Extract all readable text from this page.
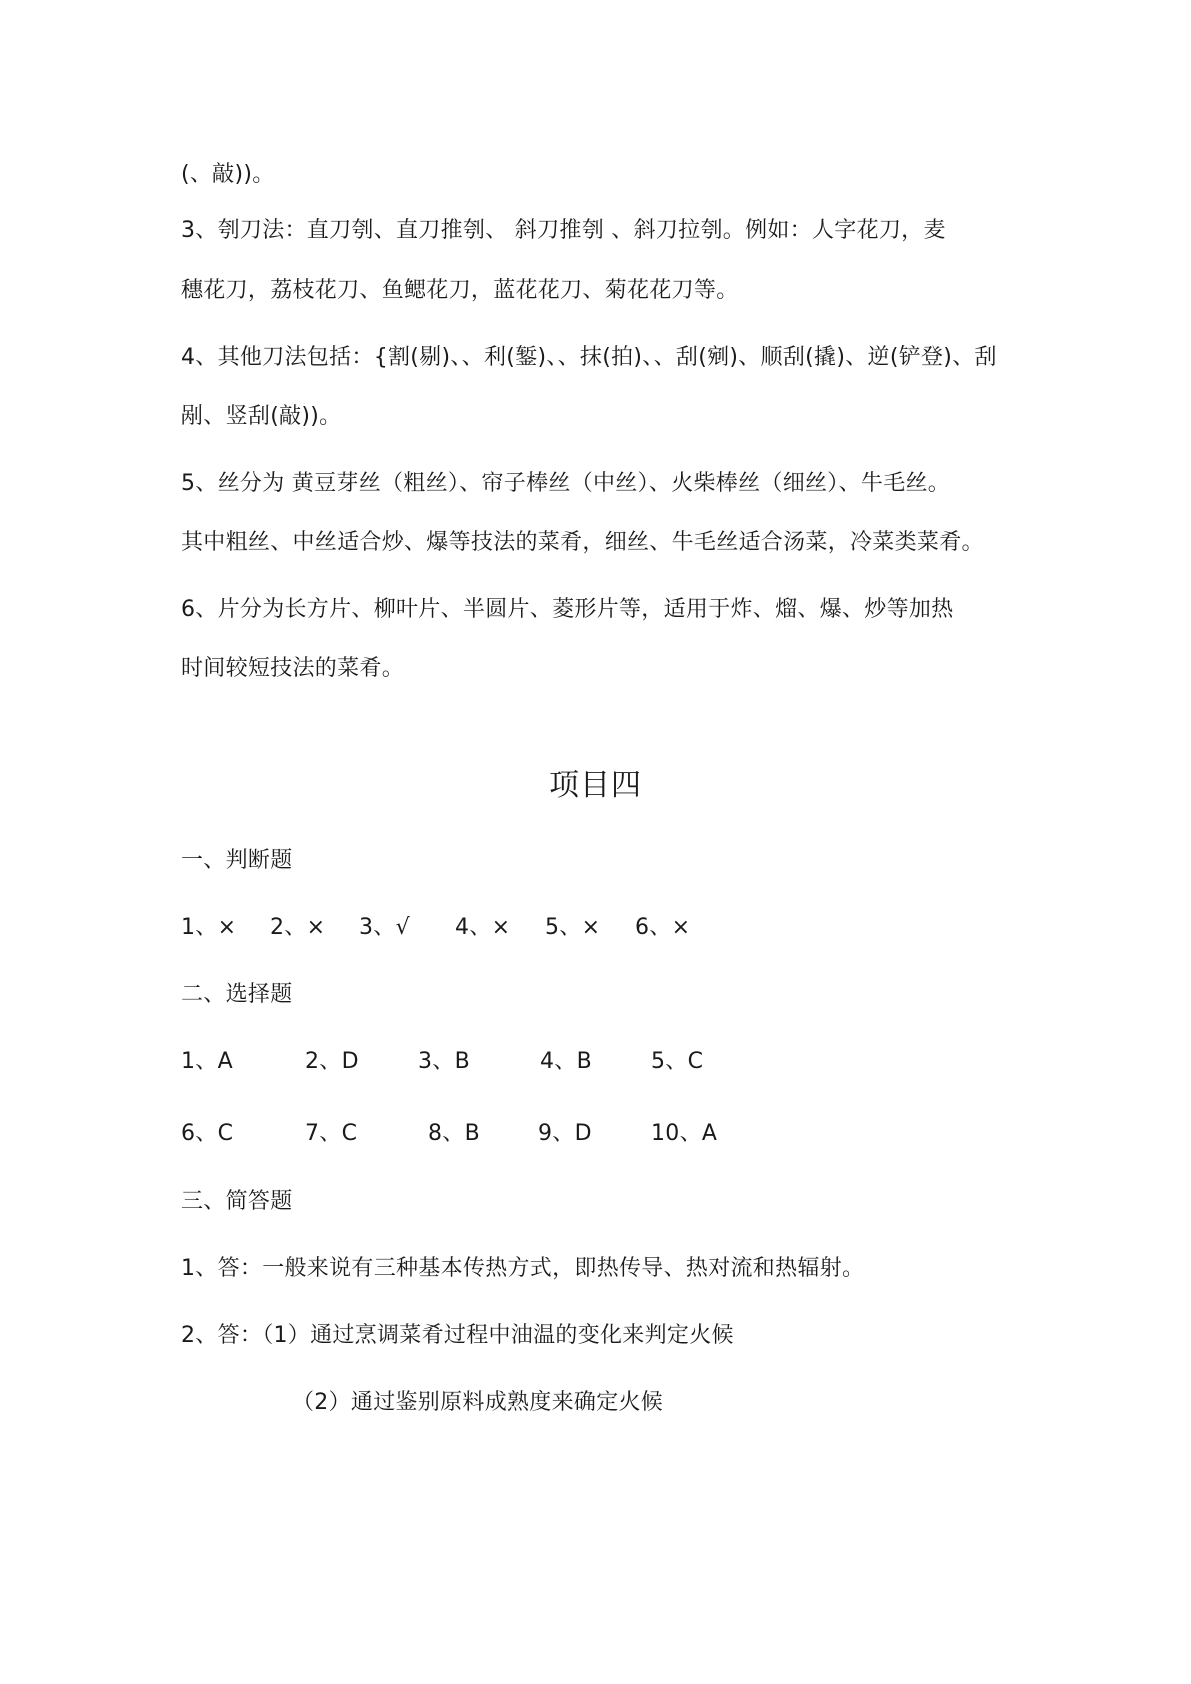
(、敲))。
3、刳刀法：直刀刳、直刀推刳、 斜刀推刳 、斜刀拉刳。例如：人字花刀，麦
穗花刀，荔枝花刀、鱼鳃花刀，蓝花花刀、菊花花刀等。
4、其他刀法包括：{割(剔)、、利(錾)、、抹(拍)、、刮(剜)、顺刮(撬)、逆(铲登)、刮
剐、竖刮(敲))。
5、丝分为 黄豆芽丝（粗丝）、帘子棒丝（中丝）、火柴棒丝（细丝）、牛毛丝。
其中粗丝、中丝适合炒、爆等技法的菜肴，细丝、牛毛丝适合汤菜，冷菜类菜肴。
6、片分为长方片、柳叶片、半圆片、菱形片等，适用于炸、熘、爆、炒等加热
时间较短技法的菜肴。
项目四
一、判断题
1、× 2、× 3、√ 4、× 5、× 6、×
二、选择题
1、A	2、D	3、B	4、B	5、C
6、C	7、C	8、B	9、D	10、A
三、简答题
1、答：一般来说有三种基本传热方式，即热传导、热对流和热辐射。
2、答：（1）通过烹调菜肴过程中油温的变化来判定火候
（2）通过鉴别原料成熟度来确定火候
